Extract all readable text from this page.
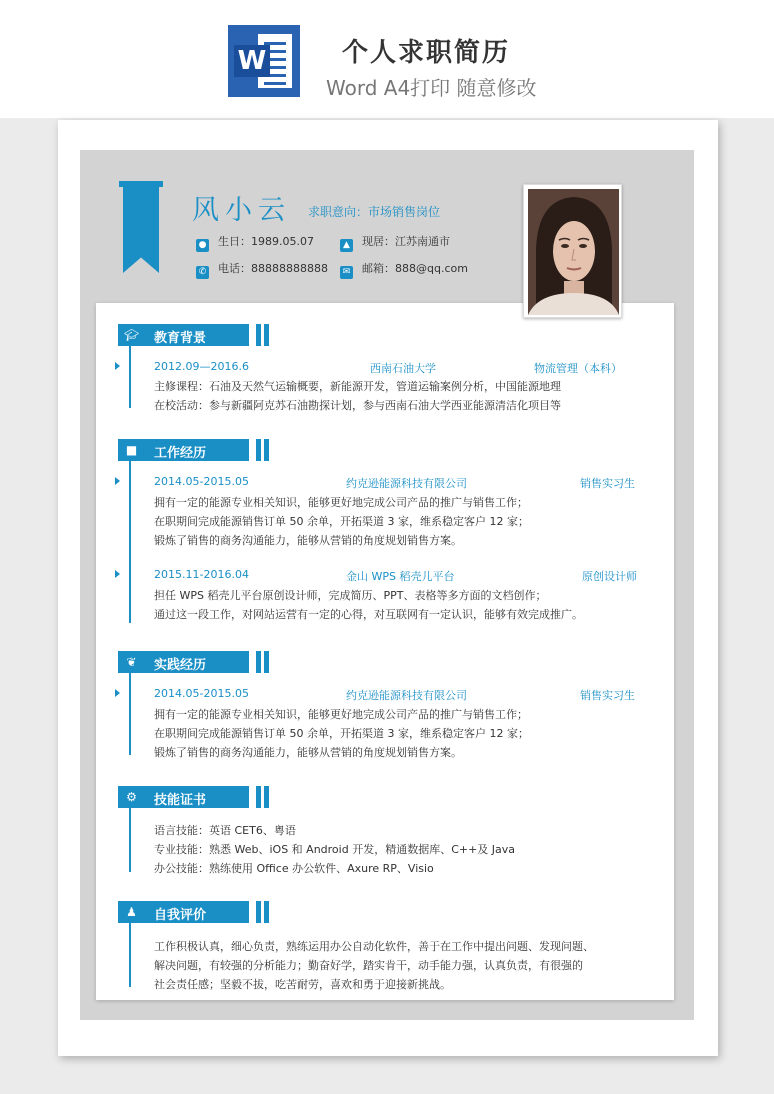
W	个人求职简历
Word A4打印 随意修改
风小云 求职意向：市场销售岗位
● 生日：1989.05.07	▲ 现居：江苏南通市
✆ 电话：88888888888	✉ 邮箱：888@qq.com
🎓︎ 教育背景
2012.09—2016.6	西南石油大学	物流管理（本科）
主修课程：石油及天然气运输概要，新能源开发，管道运输案例分析，中国能源地理
在校活动：参与新疆阿克苏石油勘探计划，参与西南石油大学西亚能源清洁化项目等
■ 工作经历
2014.05-2015.05	约克逊能源科技有限公司	销售实习生
拥有一定的能源专业相关知识，能够更好地完成公司产品的推广与销售工作；
在职期间完成能源销售订单 50 余单，开拓渠道 3 家，维系稳定客户 12 家；
锻炼了销售的商务沟通能力，能够从营销的角度规划销售方案。
2015.11-2016.04	金山 WPS 稻壳儿平台	原创设计师
担任 WPS 稻壳儿平台原创设计师，完成简历、PPT、表格等多方面的文档创作；
通过这一段工作，对网站运营有一定的心得，对互联网有一定认识，能够有效完成推广。
❦ 实践经历
2014.05-2015.05	约克逊能源科技有限公司	销售实习生
拥有一定的能源专业相关知识，能够更好地完成公司产品的推广与销售工作；
在职期间完成能源销售订单 50 余单，开拓渠道 3 家，维系稳定客户 12 家；
锻炼了销售的商务沟通能力，能够从营销的角度规划销售方案。
⚙ 技能证书
语言技能：英语 CET6、粤语
专业技能：熟悉 Web、iOS 和 Android 开发，精通数据库、C++及 Java
办公技能：熟练使用 Office 办公软件、Axure RP、Visio
♟ 自我评价
工作积极认真，细心负责，熟练运用办公自动化软件，善于在工作中提出问题、发现问题、
解决问题，有较强的分析能力；勤奋好学，踏实肯干，动手能力强，认真负责，有很强的
社会责任感；坚毅不拔，吃苦耐劳，喜欢和勇于迎接新挑战。
